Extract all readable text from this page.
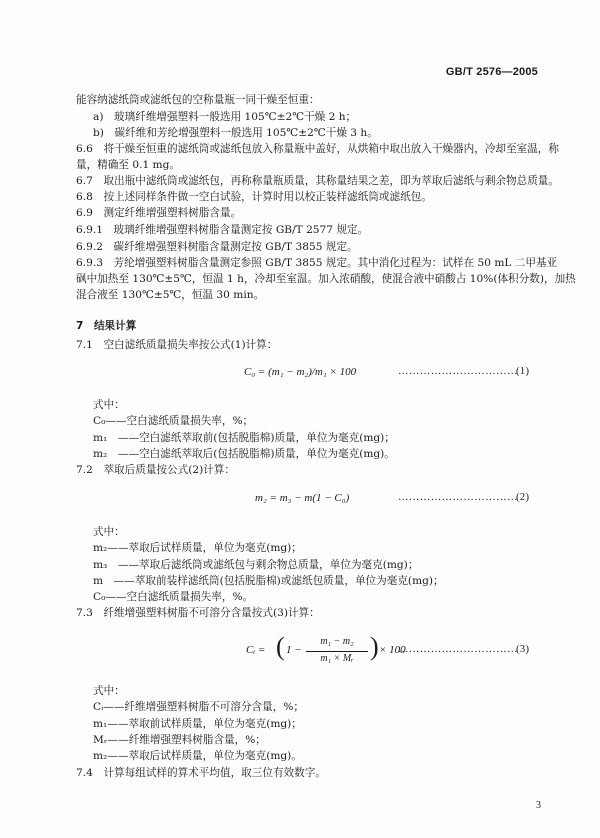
GB/T 2576—2005
能容纳滤纸筒或滤纸包的空称量瓶一同干燥至恒重：
a)　玻璃纤维增强塑料一般选用 105℃±2℃干燥 2 h；
b)　碳纤维和芳纶增强塑料一般选用 105℃±2℃干燥 3 h。
6.6　将干燥至恒重的滤纸筒或滤纸包放入称量瓶中盖好，从烘箱中取出放入干燥器内，冷却至室温，称
量，精确至 0.1 mg。
6.7　取出瓶中滤纸筒或滤纸包，再称称量瓶质量，其称量结果之差，即为萃取后滤纸与剩余物总质量。
6.8　按上述同样条件做一空白试验，计算时用以校正装样滤纸筒或滤纸包。
6.9　测定纤维增强塑料树脂含量。
6.9.1　玻璃纤维增强塑料树脂含量测定按 GB/T 2577 规定。
6.9.2　碳纤维增强塑料树脂含量测定按 GB/T 3855 规定。
6.9.3　芳纶增强塑料树脂含量测定参照 GB/T 3855 规定。其中消化过程为：试样在 50 mL 二甲基亚
砜中加热至 130℃±5℃，恒温 1 h，冷却至室温。加入浓硝酸，使混合液中硝酸占 10%(体积分数)，加热
混合液至 130℃±5℃，恒温 30 min。
7　结果计算
7.1　空白滤纸质量损失率按公式(1)计算：
C₀ = (m₁ − m₂)/m₁ × 100	……………………………
(1)
式中：
C₀——空白滤纸质量损失率，%；
m₁　——空白滤纸萃取前(包括脱脂棉)质量，单位为毫克(mg)；
m₂　——空白滤纸萃取后(包括脱脂棉)质量，单位为毫克(mg)。
7.2　萃取后质量按公式(2)计算：
m₂ = m₃ − m(1 − C₀)	……………………………
(2)
式中：
m₂——萃取后试样质量，单位为毫克(mg)；
m₃　——萃取后滤纸筒或滤纸包与剩余物总质量，单位为毫克(mg)；
m　——萃取前装样滤纸筒(包括脱脂棉)或滤纸包质量，单位为毫克(mg)；
C₀——空白滤纸质量损失率，%。
7.3　纤维增强塑料树脂不可溶分含量按式(3)计算：
Cᵢ = ( 1 −
m₁ − m₂
m₁ × Mᵣ ) × 100
……………………………
(3)
式中：
Cᵢ——纤维增强塑料树脂不可溶分含量，%；
m₁——萃取前试样质量，单位为毫克(mg)；
Mᵣ——纤维增强塑料树脂含量，%；
m₂——萃取后试样质量，单位为毫克(mg)。
7.4　计算每组试样的算术平均值，取三位有效数字。
3
